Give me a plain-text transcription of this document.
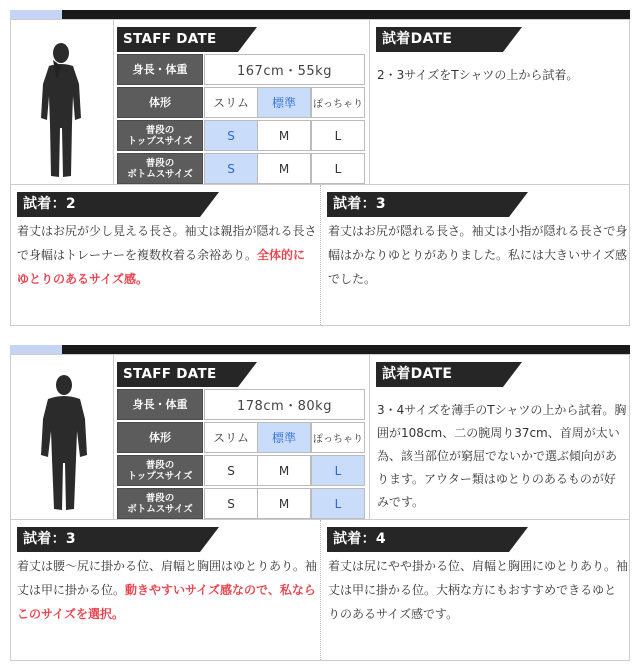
STAFF DATE
身長・体重	167cm・55kg
体形	スリム	標準	ぽっちゃり
普段の
トップスサイズ	S	M	L
普段の
ボトムスサイズ	S	M	L
試着DATE
2・3サイズをTシャツの上から試着。
試着：2
着丈はお尻が少し見える長さ。袖丈は親指が隠れる長さで身幅はトレーナーを複数枚着る余裕あり。全体的にゆとりのあるサイズ感。
試着：3
着丈はお尻が隠れる長さ。袖丈は小指が隠れる長さで身幅はかなりゆとりがありました。私には大きいサイズ感でした。
STAFF DATE
身長・体重	178cm・80kg
体形	スリム	標準	ぽっちゃり
普段の
トップスサイズ	S	M	L
普段の
ボトムスサイズ	S	M	L
試着DATE
3・4サイズを薄手のTシャツの上から試着。胸囲が108cm、二の腕周り37cm、首周が太い為、該当部位が窮屈でないかで選ぶ傾向があります。アウター類はゆとりのあるものが好みです。
試着：3
着丈は腰〜尻に掛かる位、肩幅と胸囲はゆとりあり。袖丈は甲に掛かる位。動きやすいサイズ感なので、私ならこのサイズを選択。
試着：4
着丈は尻にやや掛かる位、肩幅と胸囲にゆとりあり。袖丈は甲に掛かる位。大柄な方にもおすすめできるゆとりのあるサイズ感です。
